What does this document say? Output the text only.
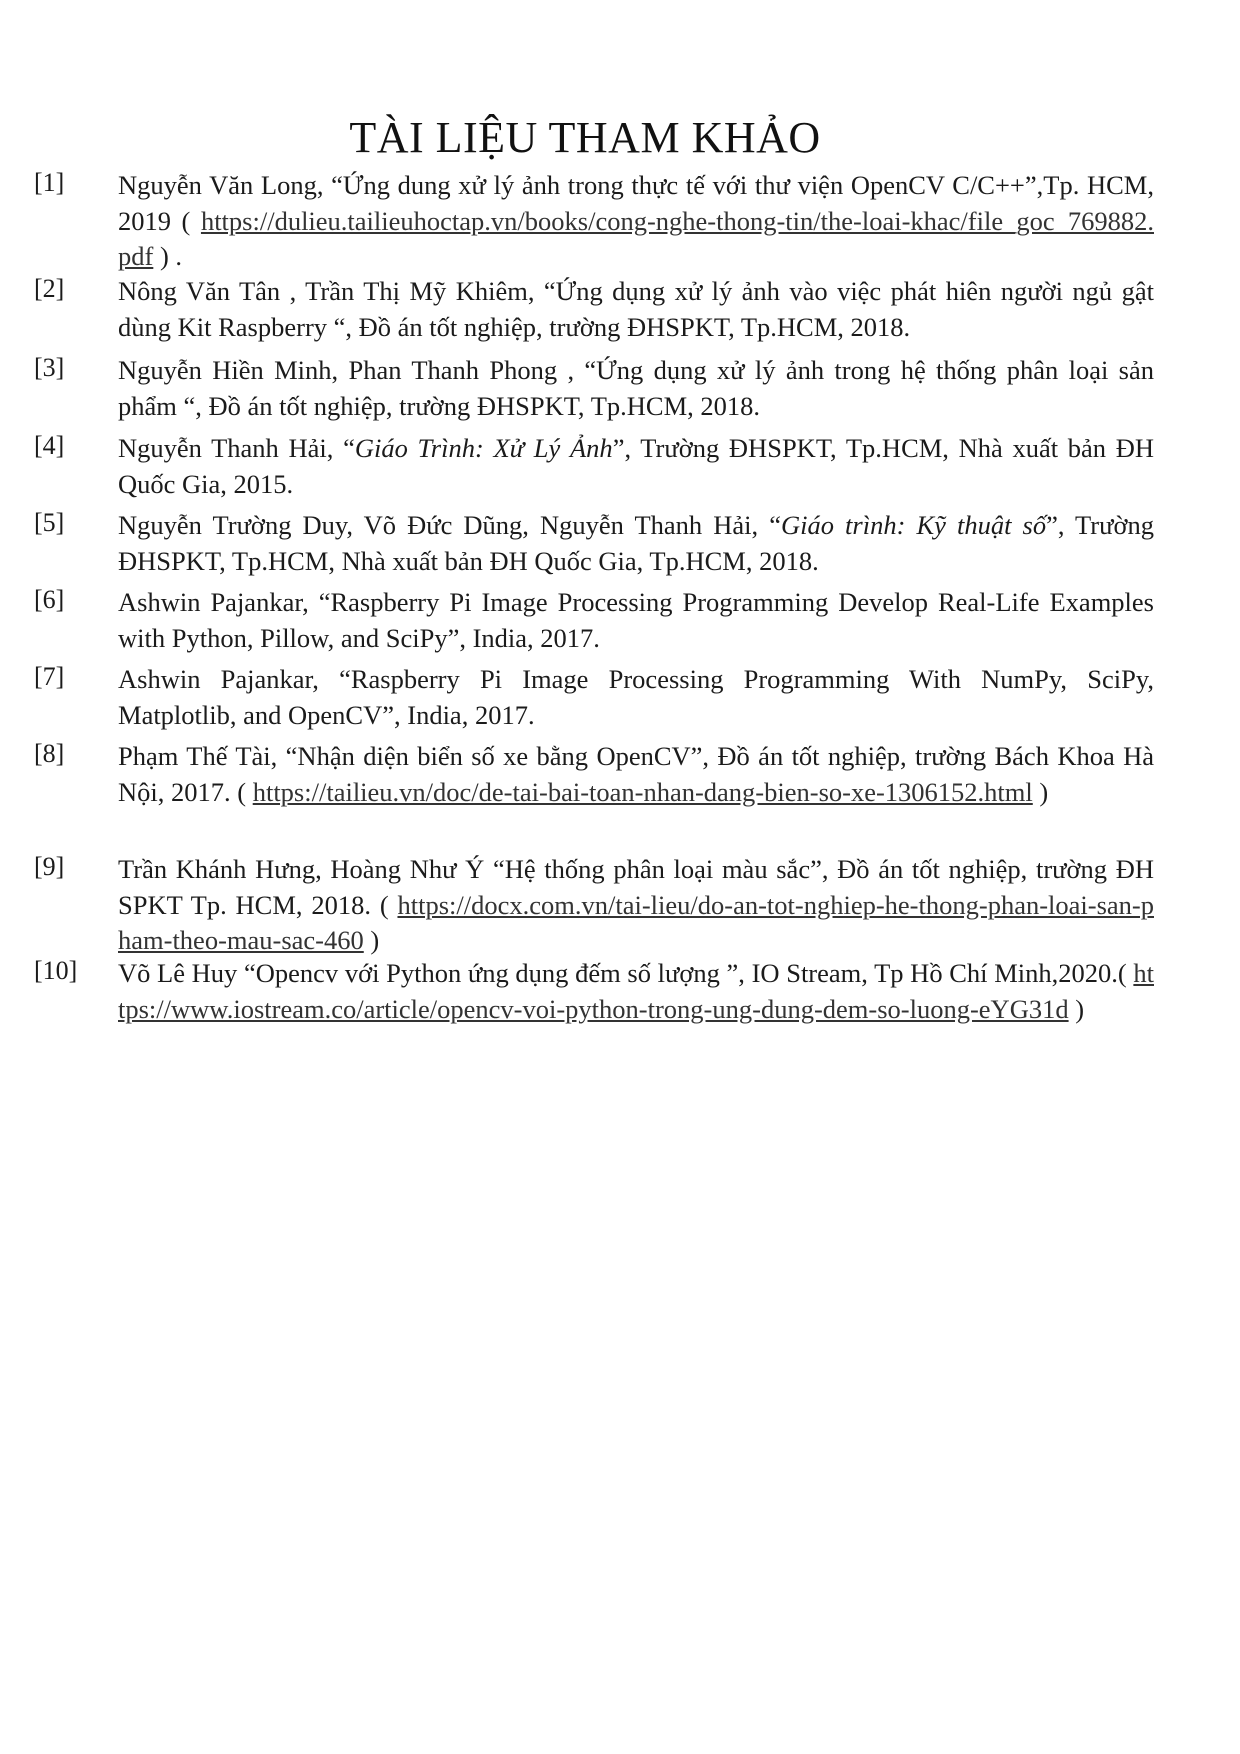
TÀI LIỆU THAM KHẢO
[1] Nguyễn Văn Long, “Ứng dung xử lý ảnh trong thực tế với thư viện OpenCV C/C++”,Tp. HCM, 2019 ( https://dulieu.tailieuhoctap.vn/books/cong-nghe-thong-tin/the-loai-khac/file_goc_769882.pdf ) .
[2] Nông Văn Tân , Trần Thị Mỹ Khiêm, “Ứng dụng xử lý ảnh vào việc phát hiên người ngủ gật dùng Kit Raspberry “, Đồ án tốt nghiệp, trường ĐHSPKT, Tp.HCM, 2018.
[3] Nguyễn Hiền Minh, Phan Thanh Phong , “Ứng dụng xử lý ảnh trong hệ thống phân loại sản phẩm “, Đồ án tốt nghiệp, trường ĐHSPKT, Tp.HCM, 2018.
[4] Nguyễn Thanh Hải, “Giáo Trình: Xử Lý Ảnh”, Trường ĐHSPKT, Tp.HCM, Nhà xuất bản ĐH Quốc Gia, 2015.
[5] Nguyễn Trường Duy, Võ Đức Dũng, Nguyễn Thanh Hải, “Giáo trình: Kỹ thuật số”, Trường ĐHSPKT, Tp.HCM, Nhà xuất bản ĐH Quốc Gia, Tp.HCM, 2018.
[6] Ashwin Pajankar, “Raspberry Pi Image Processing Programming Develop Real-Life Examples with Python, Pillow, and SciPy”, India, 2017.
[7] Ashwin Pajankar, “Raspberry Pi Image Processing Programming With NumPy, SciPy, Matplotlib, and OpenCV”, India, 2017.
[8] Phạm Thế Tài, “Nhận diện biển số xe bằng OpenCV”, Đồ án tốt nghiệp, trường Bách Khoa Hà Nội, 2017. ( https://tailieu.vn/doc/de-tai-bai-toan-nhan-dang-bien-so-xe-1306152.html )
[9] Trần Khánh Hưng, Hoàng Như Ý “Hệ thống phân loại màu sắc”, Đồ án tốt nghiệp, trường ĐH SPKT Tp. HCM, 2018. ( https://docx.com.vn/tai-lieu/do-an-tot-nghiep-he-thong-phan-loai-san-pham-theo-mau-sac-460 )
[10] Võ Lê Huy “Opencv với Python ứng dụng đếm số lượng ”, IO Stream, Tp Hồ Chí Minh,2020.( https://www.iostream.co/article/opencv-voi-python-trong-ung-dung-dem-so-luong-eYG31d )
